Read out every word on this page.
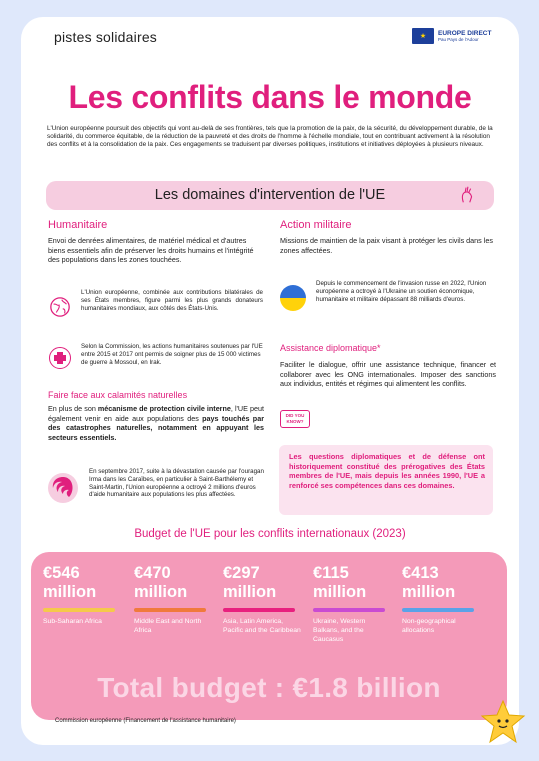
pistes solidaires	★	EUROPE DIRECT
Pau Pays de l'Adour
Les conflits dans le monde
L'Union européenne poursuit des objectifs qui vont au-delà de ses frontières, tels que la promotion de la paix, de la sécurité, du développement durable, de la solidarité, du commerce équitable, de la réduction de la pauvreté et des droits de l'homme à l'échelle mondiale, tout en contribuant activement à la résolution des conflits et à la consolidation de la paix. Ces engagements se traduisent par diverses politiques, institutions et initiatives déployées à plusieurs niveaux.
Les domaines d'intervention de l'UE
Humanitaire
Envoi de denrées alimentaires, de matériel médical et d'autres biens essentiels afin de préserver les droits humains et l'intégrité des populations dans les zones touchées.
L'Union européenne, combinée aux contributions bilatérales de ses États membres, figure parmi les plus grands donateurs humanitaires mondiaux, aux côtés des États-Unis.
Selon la Commission, les actions humanitaires soutenues par l'UE entre 2015 et 2017 ont permis de soigner plus de 15 000 victimes de guerre à Mossoul, en Irak.
Faire face aux calamités naturelles
En plus de son mécanisme de protection civile interne, l'UE peut également venir en aide aux populations des pays touchés par des catastrophes naturelles, notamment en appuyant les secteurs essentiels.
En septembre 2017, suite à la dévastation causée par l'ouragan Irma dans les Caraïbes, en particulier à Saint-Barthélemy et Saint-Martin, l'Union européenne a octroyé 2 millions d'euros d'aide humanitaire aux populations les plus affectées.
Action militaire
Missions de maintien de la paix visant à protéger les civils dans les zones affectées.
Depuis le commencement de l'invasion russe en 2022, l'Union européenne a octroyé à l'Ukraine un soutien économique, humanitaire et militaire dépassant 88 milliards d'euros.
Assistance diplomatique*
Faciliter le dialogue, offrir une assistance technique, financer et collaborer avec les ONG internationales. Imposer des sanctions aux individus, entités et régimes qui alimentent les conflits.
DID YOU KNOW?
Les questions diplomatiques et de défense ont historiquement constitué des prérogatives des États membres de l'UE, mais depuis les années 1990, l'UE a renforcé ses compétences dans ces domaines.
Budget de l'UE pour les conflits internationaux (2023)
€546
million
Sub-Saharan Africa
€470
million
Middle East and North Africa
€297
million
Asia, Latin America, Pacific and the Caribbean
€115
million
Ukraine, Western Balkans, and the Caucasus
€413
million
Non-geographical allocations
Total budget : €1.8 billion
Commission européenne (Financement de l'assistance humanitaire)
